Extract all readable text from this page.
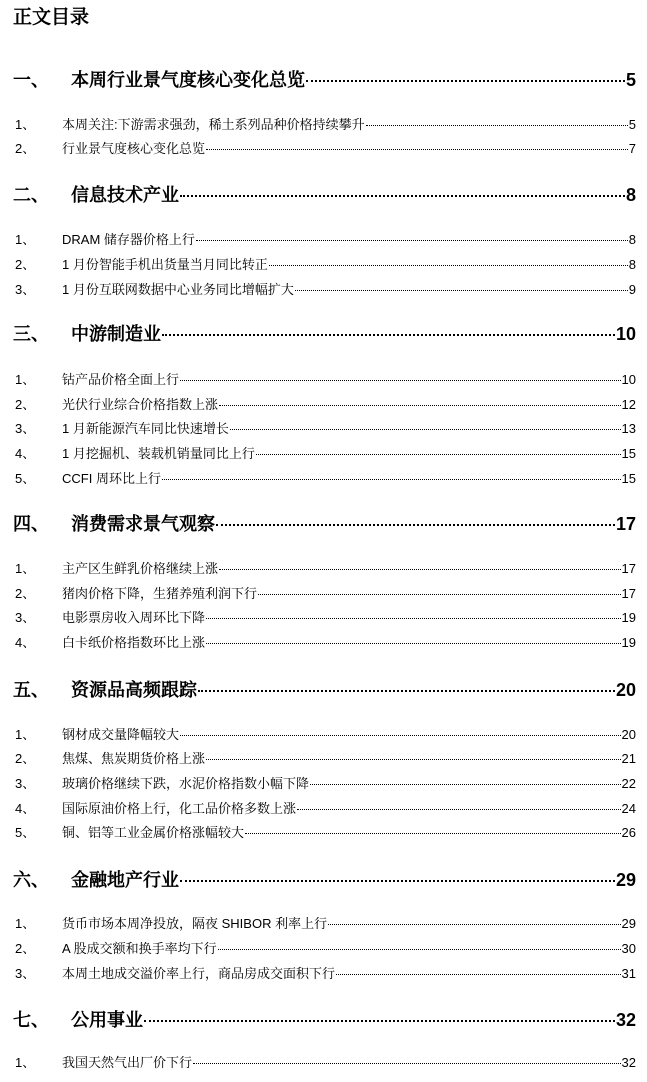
正文目录
一、	本周行业景气度核心变化总览	5
1、	本周关注:下游需求强劲，稀土系列品种价格持续攀升	5
2、	行业景气度核心变化总览	7
二、	信息技术产业	8
1、	DRAM 储存器价格上行	8
2、	1 月份智能手机出货量当月同比转正	8
3、	1 月份互联网数据中心业务同比增幅扩大	9
三、	中游制造业	10
1、	钴产品价格全面上行	10
2、	光伏行业综合价格指数上涨	12
3、	1 月新能源汽车同比快速增长	13
4、	1 月挖掘机、装载机销量同比上行	15
5、	CCFI 周环比上行	15
四、	消费需求景气观察	17
1、	主产区生鲜乳价格继续上涨	17
2、	猪肉价格下降，生猪养殖利润下行	17
3、	电影票房收入周环比下降	19
4、	白卡纸价格指数环比上涨	19
五、	资源品高频跟踪	20
1、	钢材成交量降幅较大	20
2、	焦煤、焦炭期货价格上涨	21
3、	玻璃价格继续下跌，水泥价格指数小幅下降	22
4、	国际原油价格上行，化工品价格多数上涨	24
5、	铜、铝等工业金属价格涨幅较大	26
六、	金融地产行业	29
1、	货币市场本周净投放，隔夜 SHIBOR 利率上行	29
2、	A 股成交额和换手率均下行	30
3、	本周土地成交溢价率上行，商品房成交面积下行	31
七、	公用事业	32
1、	我国天然气出厂价下行	32
